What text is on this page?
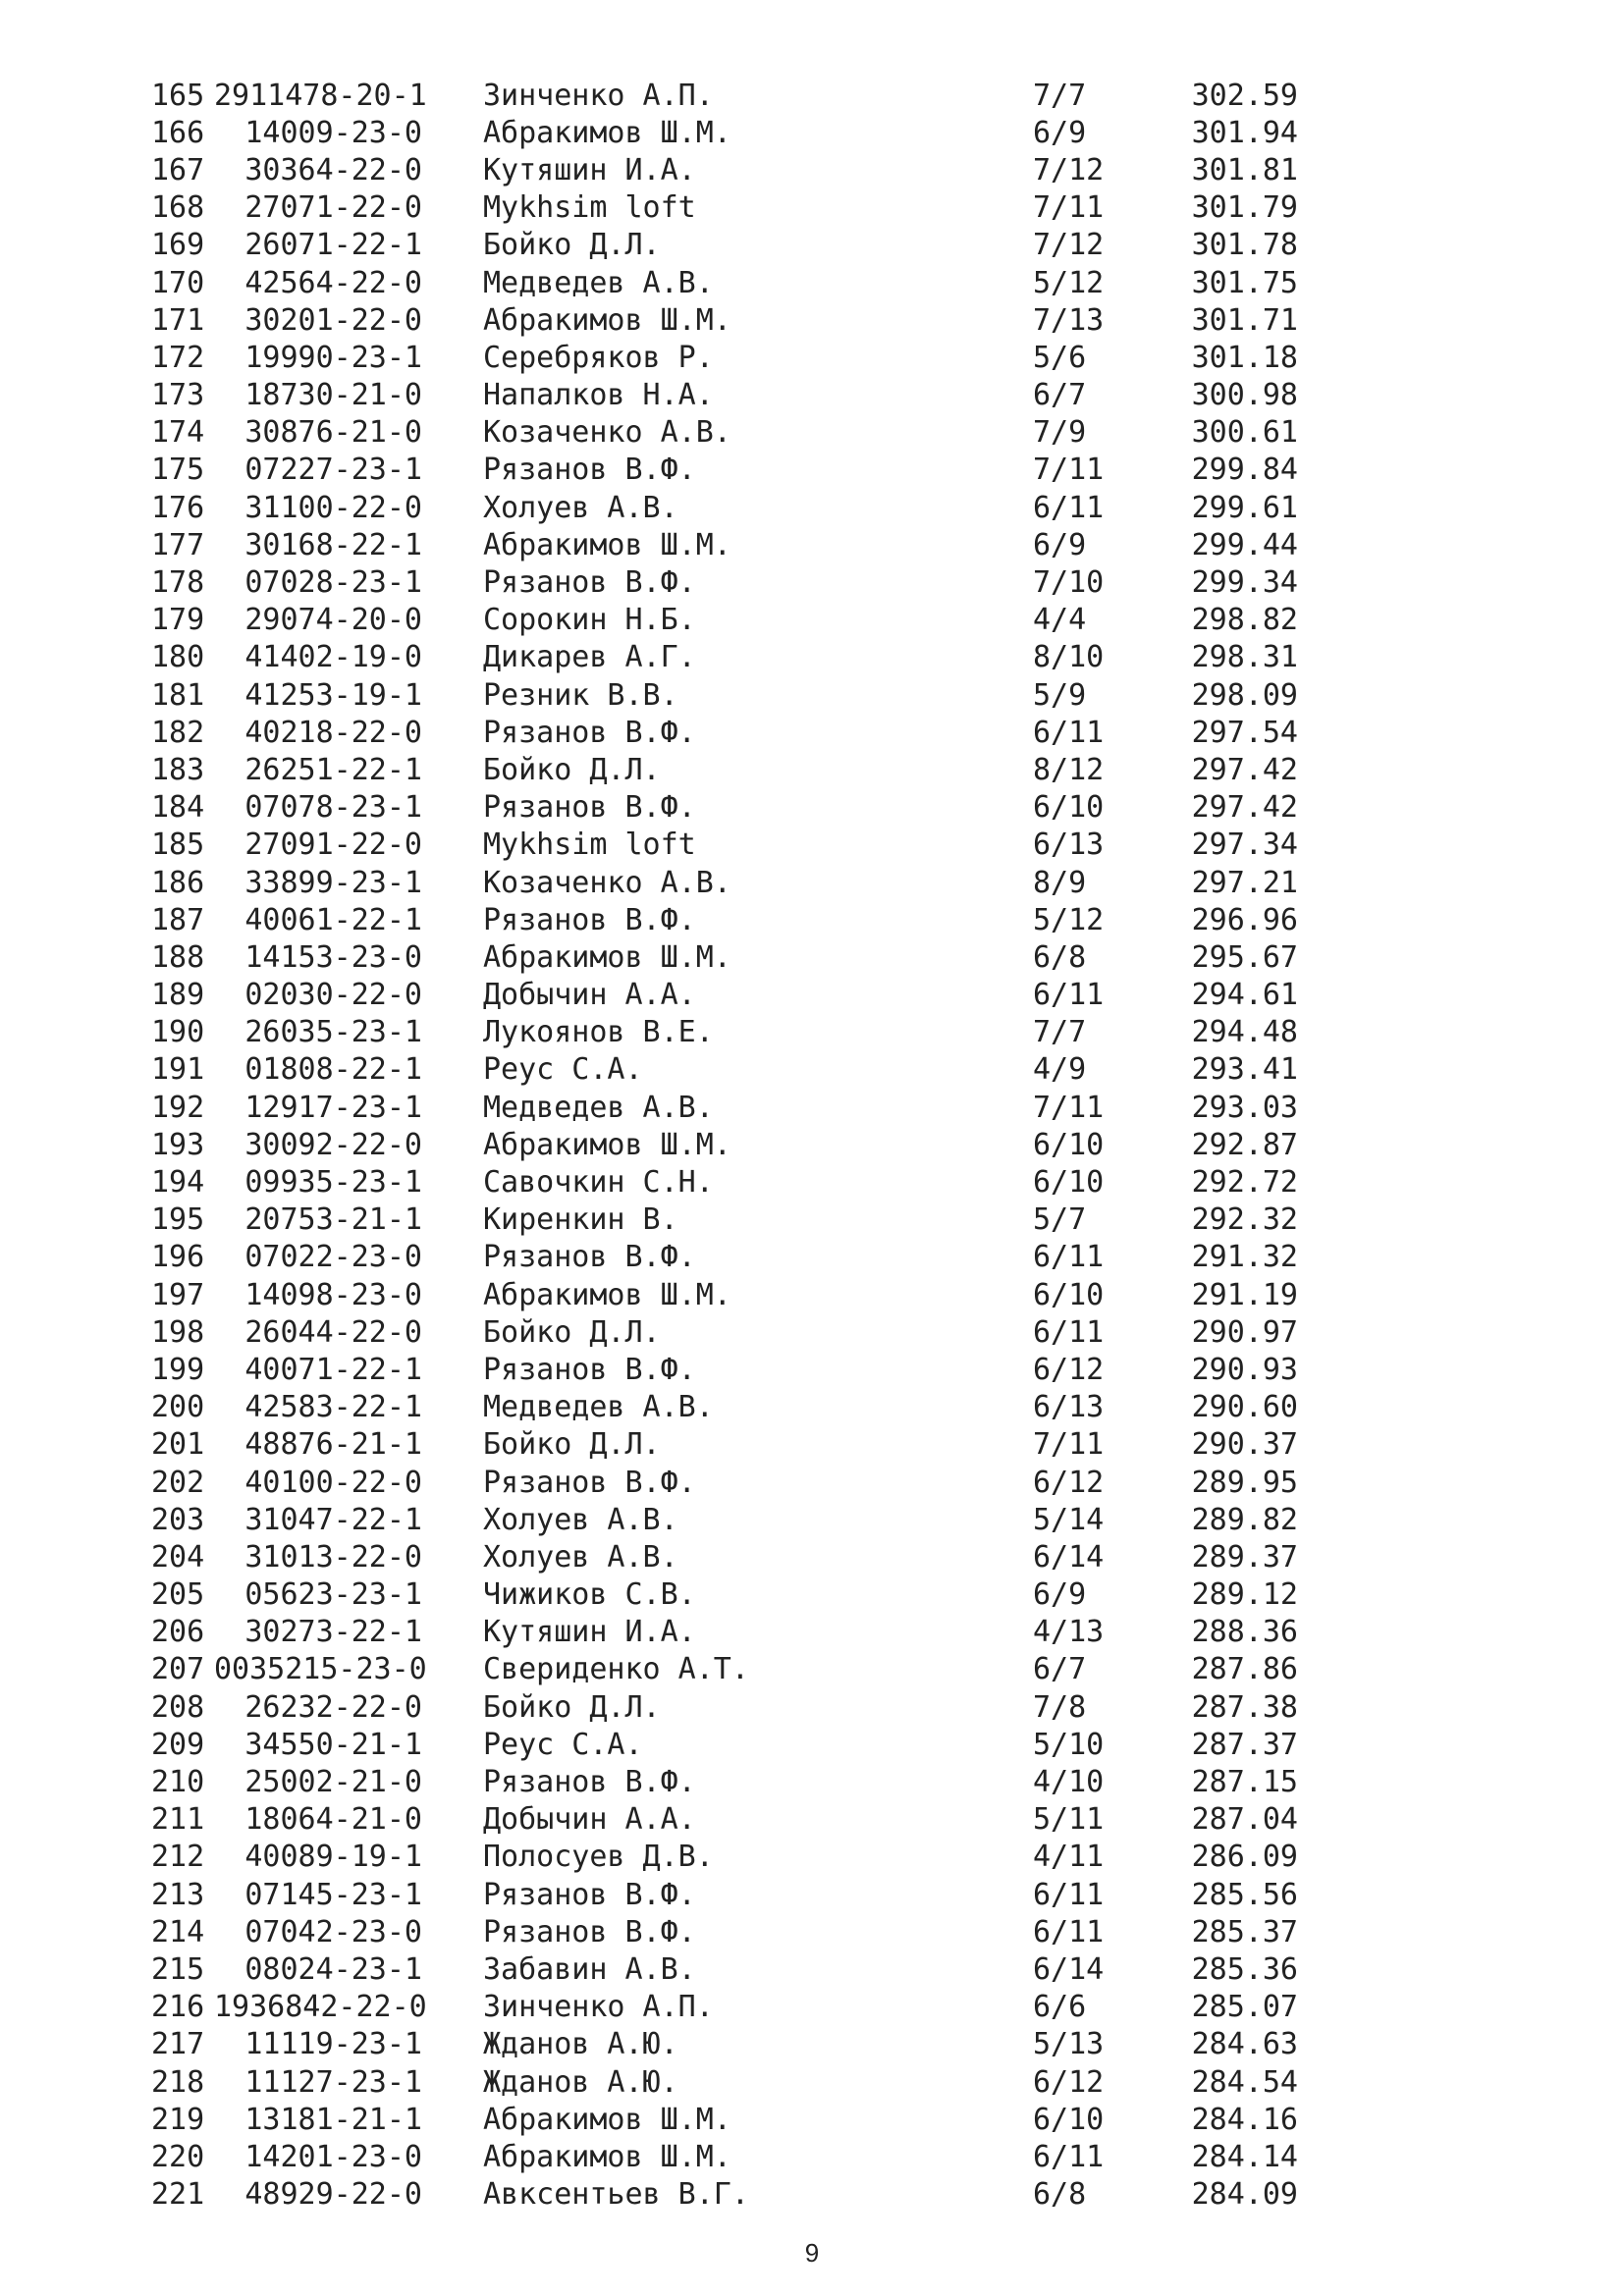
165 2911478-20-1	Зинченко А.П.	7/7	302.59
166	14009-23-0	Абракимов Ш.М.	6/9	301.94
167	30364-22-0	Кутяшин И.А.	7/12	301.81
168	27071-22-0	Mykhsim loft	7/11	301.79
169	26071-22-1	Бойко Д.Л.	7/12	301.78
170	42564-22-0	Медведев А.В.	5/12	301.75
171	30201-22-0	Абракимов Ш.М.	7/13	301.71
172	19990-23-1	Серебряков Р.	5/6	301.18
173	18730-21-0	Напалков Н.А.	6/7	300.98
174	30876-21-0	Козаченко А.В.	7/9	300.61
175	07227-23-1	Рязанов В.Ф.	7/11	299.84
176	31100-22-0	Холуев А.В.	6/11	299.61
177	30168-22-1	Абракимов Ш.М.	6/9	299.44
178	07028-23-1	Рязанов В.Ф.	7/10	299.34
179	29074-20-0	Сорокин Н.Б.	4/4	298.82
180	41402-19-0	Дикарев А.Г.	8/10	298.31
181	41253-19-1	Резник В.В.	5/9	298.09
182	40218-22-0	Рязанов В.Ф.	6/11	297.54
183	26251-22-1	Бойко Д.Л.	8/12	297.42
184	07078-23-1	Рязанов В.Ф.	6/10	297.42
185	27091-22-0	Mykhsim loft	6/13	297.34
186	33899-23-1	Козаченко А.В.	8/9	297.21
187	40061-22-1	Рязанов В.Ф.	5/12	296.96
188	14153-23-0	Абракимов Ш.М.	6/8	295.67
189	02030-22-0	Добычин А.А.	6/11	294.61
190	26035-23-1	Лукоянов В.Е.	7/7	294.48
191	01808-22-1	Реус С.А.	4/9	293.41
192	12917-23-1	Медведев А.В.	7/11	293.03
193	30092-22-0	Абракимов Ш.М.	6/10	292.87
194	09935-23-1	Савочкин С.Н.	6/10	292.72
195	20753-21-1	Киренкин В.	5/7	292.32
196	07022-23-0	Рязанов В.Ф.	6/11	291.32
197	14098-23-0	Абракимов Ш.М.	6/10	291.19
198	26044-22-0	Бойко Д.Л.	6/11	290.97
199	40071-22-1	Рязанов В.Ф.	6/12	290.93
200	42583-22-1	Медведев А.В.	6/13	290.60
201	48876-21-1	Бойко Д.Л.	7/11	290.37
202	40100-22-0	Рязанов В.Ф.	6/12	289.95
203	31047-22-1	Холуев А.В.	5/14	289.82
204	31013-22-0	Холуев А.В.	6/14	289.37
205	05623-23-1	Чижиков С.В.	6/9	289.12
206	30273-22-1	Кутяшин И.А.	4/13	288.36
207 0035215-23-0	Свериденко А.Т.	6/7	287.86
208	26232-22-0	Бойко Д.Л.	7/8	287.38
209	34550-21-1	Реус С.А.	5/10	287.37
210	25002-21-0	Рязанов В.Ф.	4/10	287.15
211	18064-21-0	Добычин А.А.	5/11	287.04
212	40089-19-1	Полосуев Д.В.	4/11	286.09
213	07145-23-1	Рязанов В.Ф.	6/11	285.56
214	07042-23-0	Рязанов В.Ф.	6/11	285.37
215	08024-23-1	Забавин А.В.	6/14	285.36
216 1936842-22-0	Зинченко А.П.	6/6	285.07
217	11119-23-1	Жданов А.Ю.	5/13	284.63
218	11127-23-1	Жданов А.Ю.	6/12	284.54
219	13181-21-1	Абракимов Ш.М.	6/10	284.16
220	14201-23-0	Абракимов Ш.М.	6/11	284.14
221	48929-22-0	Авксентьев В.Г.	6/8	284.09
9
